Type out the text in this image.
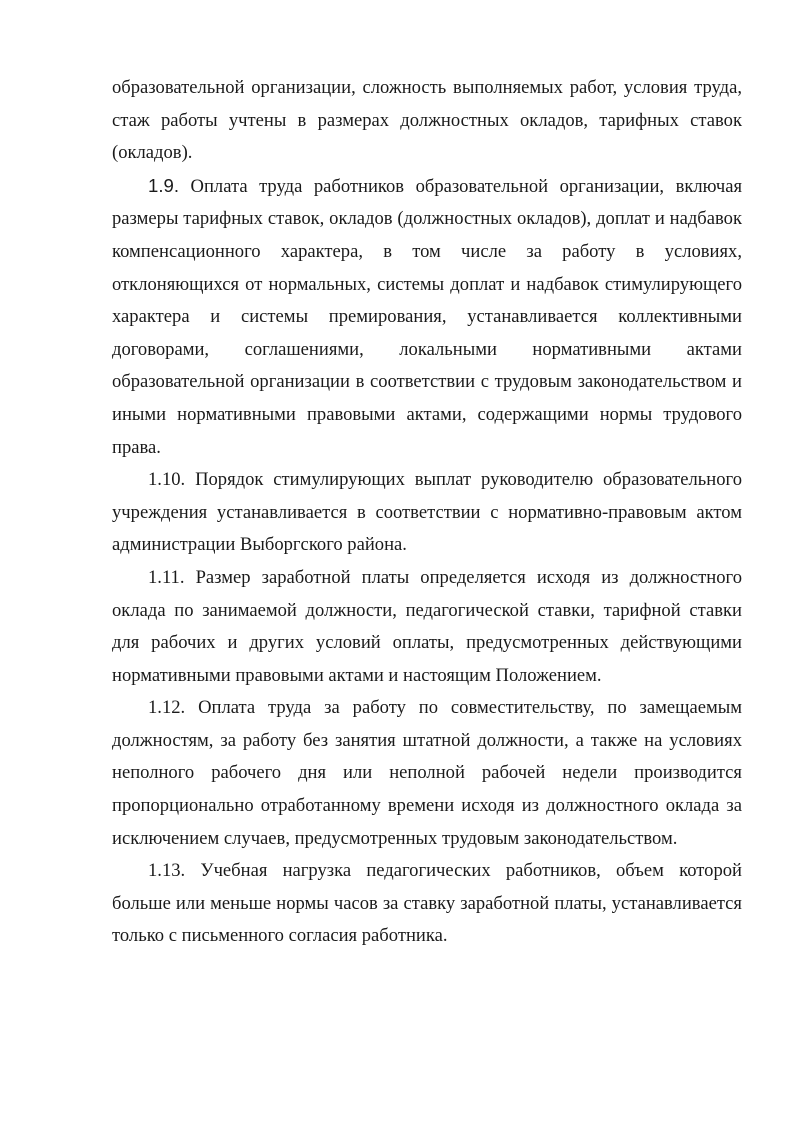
образовательной организации, сложность выполняемых работ, условия труда, стаж работы учтены в размерах должностных окладов, тарифных ставок (окладов).

1.9. Оплата труда работников образовательной организации, включая размеры тарифных ставок, окладов (должностных окладов), доплат и надбавок компенсационного характера, в том числе за работу в условиях, отклоняющихся от нормальных, системы доплат и надбавок стимулирующего характера и системы премирования, устанавливается коллективными договорами, соглашениями, локальными нормативными актами образовательной организации в соответствии с трудовым законодательством и иными нормативными правовыми актами, содержащими нормы трудового права.

1.10. Порядок стимулирующих выплат руководителю образовательного учреждения устанавливается в соответствии с нормативно-правовым актом администрации Выборгского района.

1.11. Размер заработной платы определяется исходя из должностного оклада по занимаемой должности, педагогической ставки, тарифной ставки для рабочих и других условий оплаты, предусмотренных действующими нормативными правовыми актами и настоящим Положением.

1.12. Оплата труда за работу по совместительству, по замещаемым должностям, за работу без занятия штатной должности, а также на условиях неполного рабочего дня или неполной рабочей недели производится пропорционально отработанному времени исходя из должностного оклада за исключением случаев, предусмотренных трудовым законодательством.

1.13. Учебная нагрузка педагогических работников, объем которой больше или меньше нормы часов за ставку заработной платы, устанавливается только с письменного согласия работника.
